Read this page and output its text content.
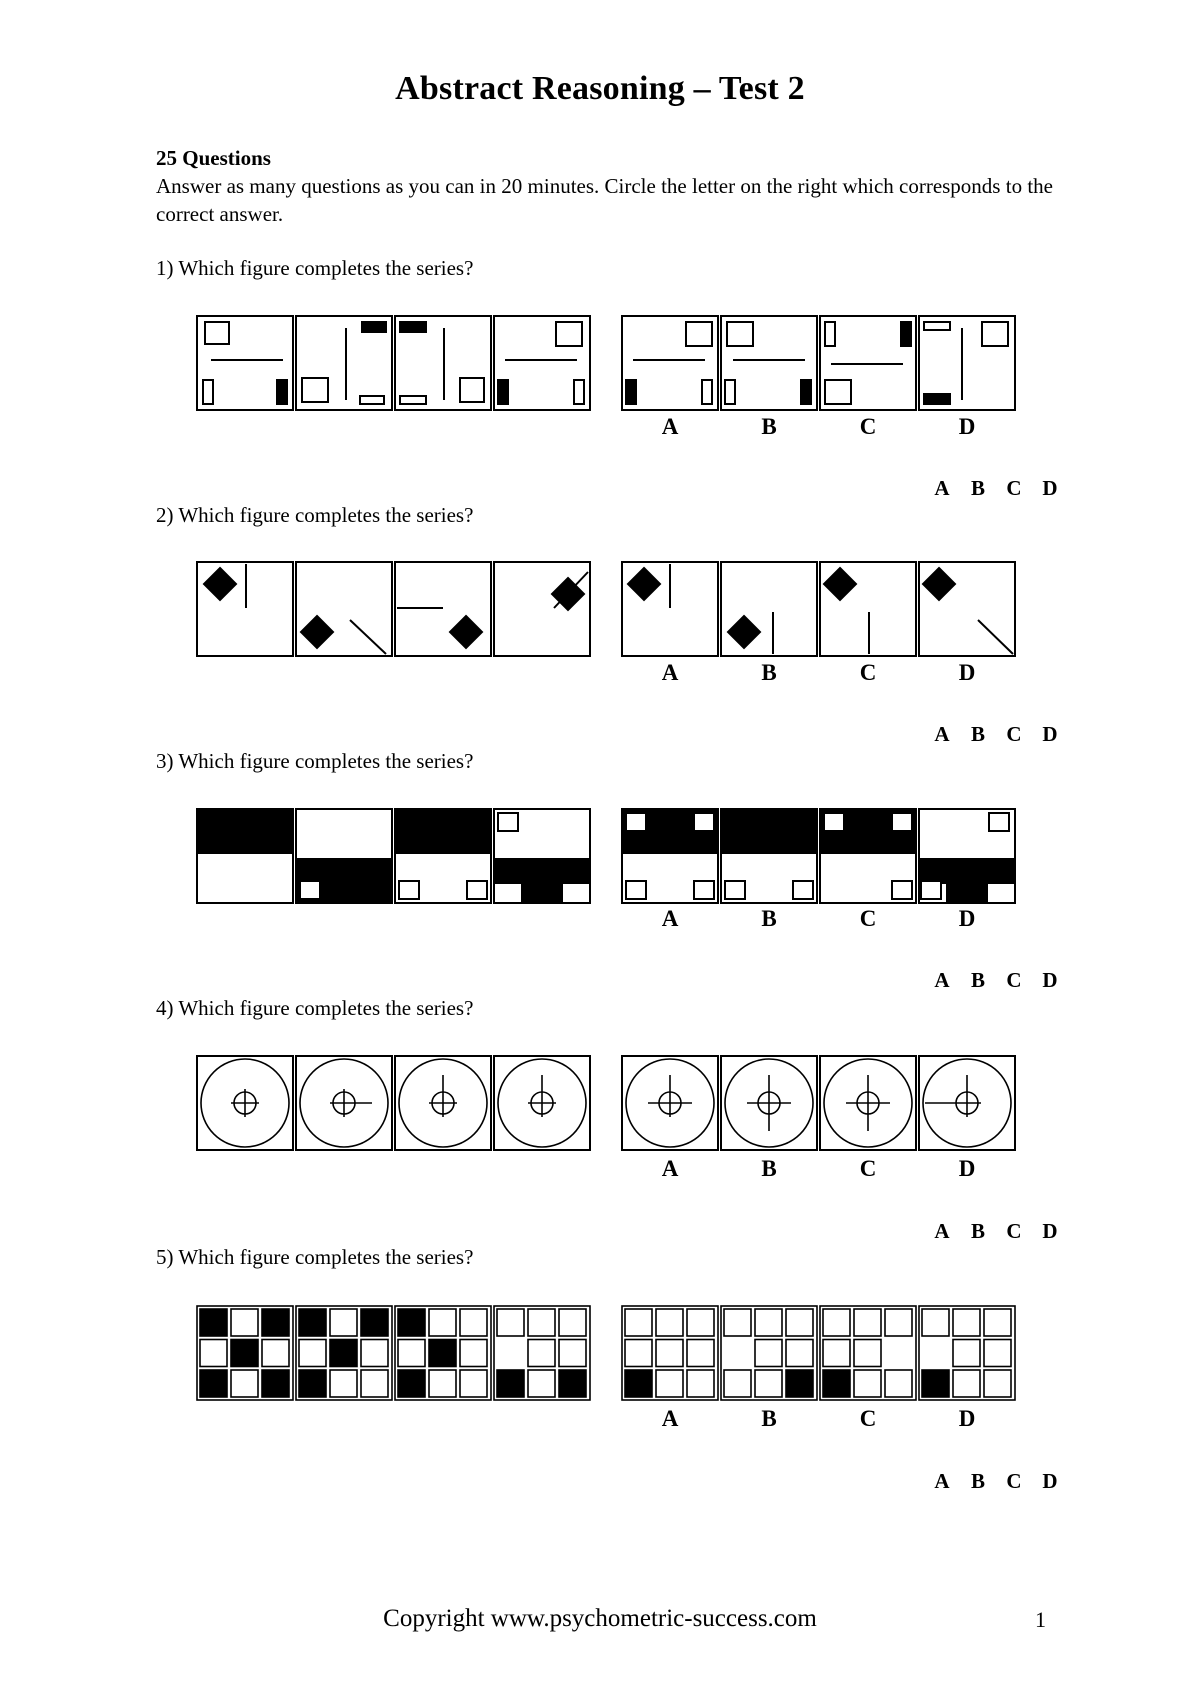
Abstract Reasoning – Test 2
25 Questions
Answer as many questions as you can in 20 minutes. Circle the letter on the right which corresponds to the correct answer.
1) Which figure completes the series?
A	B	C	D
A	B	C D
2) Which figure completes the series?
A	B	C	D
A	B	C D
3) Which figure completes the series?
A	B	C	D
A	B	C D
4) Which figure completes the series?
A	B	C	D
A	B	C D
5) Which figure completes the series?
A	B	C	D
A	B	C D
Copyright www.psychometric-success.com	1
